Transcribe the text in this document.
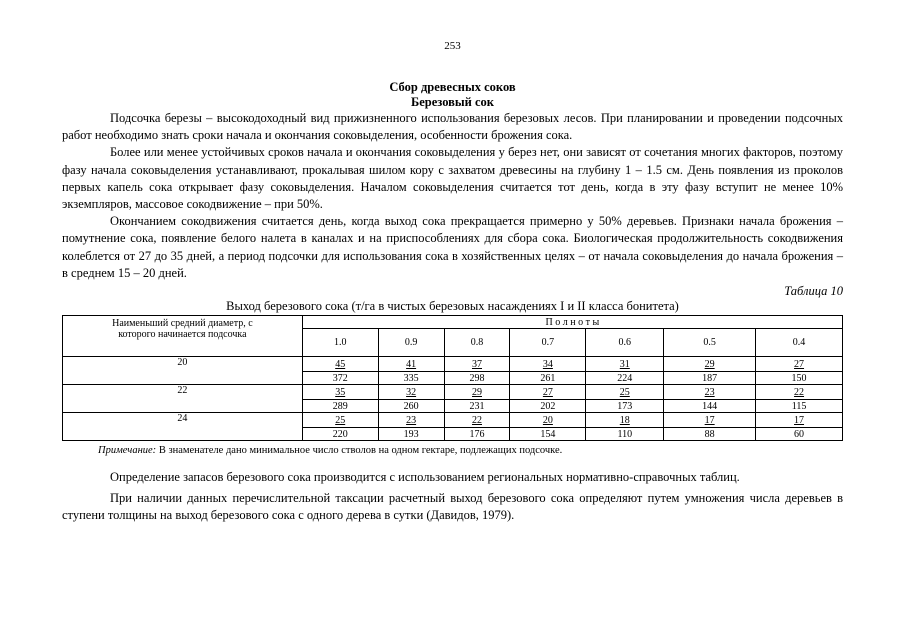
253
Сбор древесных соков
Березовый сок

Подсочка березы – высокодоходный вид прижизненного использования березовых лесов. При планировании и проведении подсочных работ необходимо знать сроки начала и окончания соковыделения, особенности брожения сока.

Более или менее устойчивых сроков начала и окончания соковыделения у берез нет, они зависят от сочетания многих факторов, поэтому фазу начала соковыделения устанавливают, прокалывая шилом кору с захватом древесины на глубину 1 – 1.5 см. День появления из проколов первых капель сока открывает фазу соковыделения. Началом соковыделения считается тот день, когда в эту фазу вступит не менее 10% экземпляров, массовое сокодвижение – при 50%.

Окончанием сокодвижения считается день, когда выход сока прекращается примерно у 50% деревьев. Признаки начала брожения – помутнение сока, появление белого налета в каналах и на приспособлениях для сбора сока. Биологическая продолжительность сокодвижения колеблется от 27 до 35 дней, а период подсочки для использования сока в хозяйственных целях – от начала соковыделения до начала брожения – в среднем 15 – 20 дней.

Таблица 10
Выход березового сока (т/га в чистых березовых насаждениях I и II класса бонитета)
Наименьший средний диаметр, с которого начинается подсочка	П о л н о т ы						
	1.0	0.9	0.8	0.7	0.6	0.5	0.4
20	45	41	37	34	31	29	27
	372	335	298	261	224	187	150
22	35	32	29	27	25	23	22
	289	260	231	202	173	144	115
24	25	23	22	20	18	17	17
	220	193	176	154	110	88	60
Примечание: В знаменателе дано минимальное число стволов на одном гектаре, подлежащих подсочке.

Определение запасов березового сока производится с использованием региональных нормативно-справочных таблиц.

При наличии данных перечислительной таксации расчетный выход березового сока определяют путем умножения числа деревьев в ступени толщины на выход березового сока с одного дерева в сутки (Давидов, 1979).
